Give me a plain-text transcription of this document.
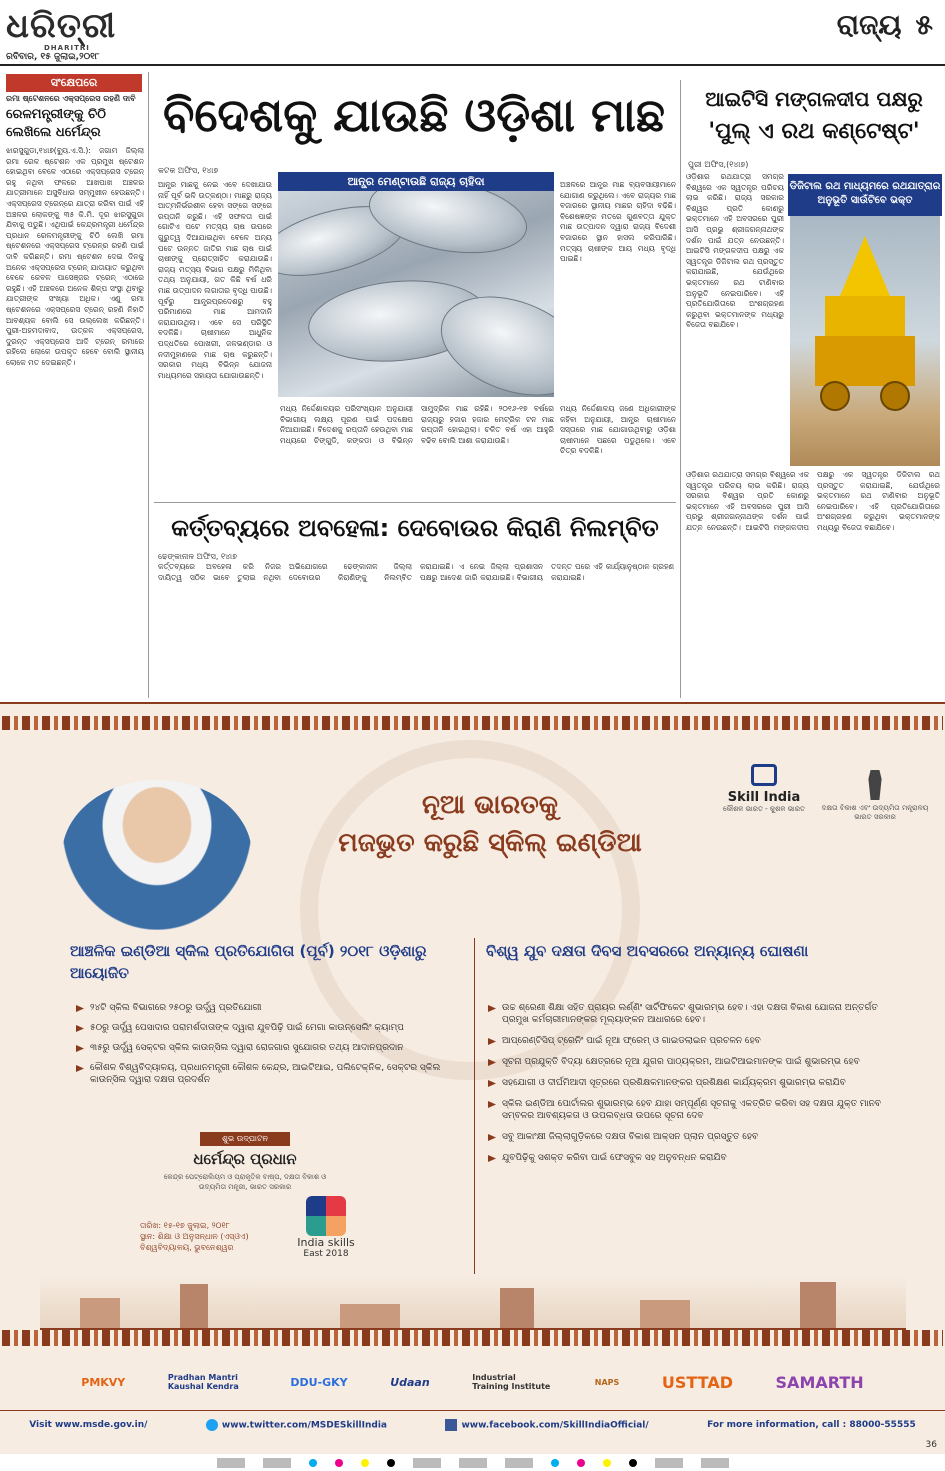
ଧରିତ୍ରୀ
DHARITRI
ରବିବାର, ୧୫ ଜୁଲାଇ,୨୦୧୮
ରାଜ୍ୟ ୫
ସଂକ୍ଷେପରେ
ରମା ଷ୍ଟେଶନରେ ଏକ୍ସପ୍ରେସ ରହଣି ଦାବି
ରେଳମନ୍ତ୍ରୀଙ୍କୁ ଚିଠି ଲେଖିଲେ ଧର୍ମେନ୍ଦ୍ର
ଝାରସୁଗୁଡା,୧୪ା୭(ବ୍ୟୁ.ଏ.ସି.): ଜଗାମ ଜିଲ୍ଲା ରମା ରେଳ ଷ୍ଟେଶନ ଏକ ପ୍ରମୁଖ ଷ୍ଟେଶନ ହୋଇଥିବା ବେଳେ ଏଠାରେ ଏକ୍ସପ୍ରେସ ଟ୍ରେନ୍ ରହୁ ନଥିବା ଫଳରେ ଆଖପାଖ ଅଞ୍ଚଳର ଯାତ୍ରୀମାନେ ଅସୁବିଧାର ସମ୍ମୁଖୀନ ହେଉଛନ୍ତି। ଏକ୍ସପ୍ରେସ ଟ୍ରେନ୍‌ରେ ଯାତ୍ରା କରିବା ପାଇଁ ଏହି ଅଞ୍ଚଳର ଲୋକଙ୍କୁ ୩୫ କି.ମି. ଦୂର ଝାରସୁଗୁଡା ଯିବାକୁ ପଡୁଛି। ଏଥିପାଇଁ କେନ୍ଦ୍ରମନ୍ତ୍ରୀ ଧର୍ମେନ୍ଦ୍ର ପ୍ରଧାନ ରେଳମନ୍ତ୍ରୀଙ୍କୁ ଚିଠି ଲେଖି ରମା ଷ୍ଟେଶନରେ ଏକ୍ସପ୍ରେସ ଟ୍ରେନ୍‌ର ରହଣି ପାଇଁ ଦାବି କରିଛନ୍ତି। ରମା ଷ୍ଟେଶନ ଦେଇ ଦିନକୁ ଅନେକ ଏକ୍ସପ୍ରେସ ଟ୍ରେନ୍ ଯାତାୟାତ କରୁଥିବା ବେଳେ କେବଳ ପାସେଞ୍ଜର ଟ୍ରେନ୍ ଏଠାରେ ରହୁଛି। ଏହି ଅଞ୍ଚଳରେ ଅନେକ ଶିଳ୍ପ ସଂସ୍ଥା ଥିବାରୁ ଯାତ୍ରୀଙ୍କ ସଂଖ୍ୟା ଅଧିକ। ଏଣୁ ରମା ଷ୍ଟେଶନରେ ଏକ୍ସପ୍ରେସ ଟ୍ରେନ୍ ରହଣି ନିହାତି ଆବଶ୍ୟକ ବୋଲି ସେ ଉଲ୍ଲେଖ କରିଛନ୍ତି। ପୁରୀ-ଅହମଦାବାଦ, ଉତ୍କଳ ଏକ୍ସପ୍ରେସ, ଦୁରନ୍ତ ଏକ୍ସପ୍ରେସ ଆଦି ଟ୍ରେନ୍ ରମାରେ ରହିଲେ ଲୋକେ ଉପକୃତ ହେବେ ବୋଲି ସ୍ଥାନୀୟ ଲୋକେ ମତ ଦେଇଛନ୍ତି।
ବିଦେଶକୁ ଯାଉଛି ଓଡ଼ିଶା ମାଛ
କଟକ ଅଫିସ, ୧୪ା୭
ଆନ୍ଧ୍ର ମେଣ୍ଟାଉଛି ରାଜ୍ୟ ଚାହିଦା
ଆନ୍ଧ୍ର ମାଛକୁ ନେଇ ଏବେ ଦେଖାଯାଉ ନାହିଁ ପୂର୍ବ ଭଳି ଉତ୍କଣ୍ଠା। ମାଛରୁ ରାଜ୍ୟ ଆତ୍ମନିର୍ଭରଶୀଳ ହେବା ସଙ୍ଗେ ସଙ୍ଗେ ରପ୍ତାନି କରୁଛି। ଏହି ସଫଳତା ପାଇଁ ଗୋଟିଏ ପଟେ ମତ୍ସ୍ୟ ଚାଷ ଉପରେ ଗୁରୁତ୍ୱ ଦିଆଯାଇଥିବା ବେଳେ ଅନ୍ୟ ପଟେ ଉନ୍ନତ ଜାତିର ମାଛ ଚାଷ ପାଇଁ ଚାଷୀଙ୍କୁ ପ୍ରୋତ୍ସାହିତ କରାଯାଉଛି। ରାଜ୍ୟ ମତ୍ସ୍ୟ ବିଭାଗ ପକ୍ଷରୁ ମିଳିଥିବା ତଥ୍ୟ ଅନୁଯାୟୀ, ଗତ କିଛି ବର୍ଷ ଧରି ମାଛ ଉତ୍ପାଦନ ଲଗାତାର ବୃଦ୍ଧି ପାଉଛି। ପୂର୍ବରୁ ଆନ୍ଧ୍ରପ୍ରଦେଶରୁ ବହୁ ପରିମାଣରେ ମାଛ ଆମଦାନି କରାଯାଉଥିଲା। ଏବେ ସେ ପରିସ୍ଥିତି ବଦଳିଛି। ଚାଷୀମାନେ ଆଧୁନିକ ପଦ୍ଧତିରେ ପୋଖରୀ, ଜଳଭଣ୍ଡାର ଓ ନଦୀମୁହାଣରେ ମାଛ ଚାଷ କରୁଛନ୍ତି। ସରକାର ମଧ୍ୟ ବିଭିନ୍ନ ଯୋଜନା ମାଧ୍ୟମରେ ସହାୟତା ଯୋଗାଉଛନ୍ତି।
ଅଞ୍ଚଳରେ ଆନ୍ଧ୍ର ମାଛ ବ୍ୟବସାୟୀମାନେ ଯୋଗାଣ କରୁଥିଲେ। ଏବେ ରାଜ୍ୟର ମାଛ ବଜାରରେ ସ୍ଥାନୀୟ ମାଛର ଚାହିଦା ବଢିଛି। ବିଶେଷଜ୍ଞଙ୍କ ମତରେ ଗୁଣବତ୍ତା ଯୁକ୍ତ ମାଛ ଉତ୍ପାଦନ ଦ୍ୱାରା ରାଜ୍ୟ ବିଦେଶୀ ବଜାରରେ ସ୍ଥାନ ହାସଲ କରିପାରିଛି। ମତ୍ସ୍ୟ ଚାଷୀଙ୍କ ଆୟ ମଧ୍ୟ ବୃଦ୍ଧି ପାଇଛି।
ମଧ୍ୟ ନିର୍ଦ୍ଦେଶାଳୟର ପରିସଂଖ୍ୟାନ ଅନୁଯାୟୀ ବିଭାଗୀୟ ଲକ୍ଷ୍ୟ ପୂରଣ ପାଇଁ ପଦକ୍ଷେପ ନିଆଯାଇଛି। ବିଦେଶକୁ ରପ୍ତାନି ହେଉଥିବା ମାଛ ମଧ୍ୟରେ ଚିଙ୍ଗୁଡି, କଙ୍କଡା ଓ ବିଭିନ୍ନ ସାମୁଦ୍ରିକ ମାଛ ରହିଛି। ୨୦୧୬-୧୭ ବର୍ଷରେ ରାଜ୍ୟରୁ ହଜାର ହଜାର ମେଟ୍ରିକ ଟନ ମାଛ ରପ୍ତାନି ହୋଇଥିଲା। ଚଳିତ ବର୍ଷ ଏହା ଆହୁରି ବଢିବ ବୋଲି ଆଶା କରାଯାଉଛି।
ମଧ୍ୟ ନିର୍ଦ୍ଦେଶାଳୟ ଜଣେ ଅଧିକାରୀଙ୍କ କହିବା ଅନୁଯାୟୀ, ଆନ୍ଧ୍ର ଚାଷୀମାନେ ସସ୍ତାରେ ମାଛ ଯୋଗାଉଥିବାରୁ ଓଡ଼ିଶା ଚାଷୀମାନେ ପଛରେ ପଡୁଥିଲେ। ଏବେ ଚିତ୍ର ବଦଳିଛି।
ଆଇଟିସି ମଙ୍ଗଳଦୀପ ପକ୍ଷରୁ
'ପୁଲ୍ ଏ ରଥ କଣ୍ଟେଷ୍ଟ'
ପୁରୀ ଅଫିସ,(୧୪ା୭)
ଡିଜିଟାଲ ରଥ ମାଧ୍ୟମରେ ରଥଯାତ୍ରାର ଅନୁଭୂତି ସାଉଁଟିବେ ଭକ୍ତ
ଓଡ଼ିଶାର ରଥଯାତ୍ରା ସମଗ୍ର ବିଶ୍ୱରେ ଏକ ସ୍ୱତନ୍ତ୍ର ପରିଚୟ ଲାଭ କରିଛି। ରାଜ୍ୟ ସରକାର ବିଶ୍ୱର ପ୍ରତି କୋଣରୁ ଭକ୍ତମାନେ ଏହି ଅବସରରେ ପୁରୀ ଆସି ପ୍ରଭୁ ଶ୍ରୀଜଗନ୍ନାଥଙ୍କ ଦର୍ଶନ ପାଇଁ ଯତ୍ନ ନେଉଛନ୍ତି। ଆଇଟିସି ମଙ୍ଗଳଦୀପ ପକ୍ଷରୁ ଏକ ସ୍ୱତନ୍ତ୍ର ଡିଜିଟାଲ ରଥ ପ୍ରସ୍ତୁତ କରାଯାଇଛି, ଯେଉଁଥିରେ ଭକ୍ତମାନେ ରଥ ଟାଣିବାର ଅନୁଭୂତି ନେଇପାରିବେ। ଏହି ପ୍ରତିଯୋଗିତାରେ ଅଂଶଗ୍ରହଣ କରୁଥିବା ଭକ୍ତମାନଙ୍କ ମଧ୍ୟରୁ ବିଜେତା ବଛାଯିବେ।
ଓଡ଼ିଶାର ରଥଯାତ୍ରା ସମଗ୍ର ବିଶ୍ୱରେ ଏକ ସ୍ୱତନ୍ତ୍ର ପରିଚୟ ଲାଭ କରିଛି। ରାଜ୍ୟ ସରକାର ବିଶ୍ୱର ପ୍ରତି କୋଣରୁ ଭକ୍ତମାନେ ଏହି ଅବସରରେ ପୁରୀ ଆସି ପ୍ରଭୁ ଶ୍ରୀଜଗନ୍ନାଥଙ୍କ ଦର୍ଶନ ପାଇଁ ଯତ୍ନ ନେଉଛନ୍ତି। ଆଇଟିସି ମଙ୍ଗଳଦୀପ ପକ୍ଷରୁ ଏକ ସ୍ୱତନ୍ତ୍ର ଡିଜିଟାଲ ରଥ ପ୍ରସ୍ତୁତ କରାଯାଇଛି, ଯେଉଁଥିରେ ଭକ୍ତମାନେ ରଥ ଟାଣିବାର ଅନୁଭୂତି ନେଇପାରିବେ। ଏହି ପ୍ରତିଯୋଗିତାରେ ଅଂଶଗ୍ରହଣ କରୁଥିବା ଭକ୍ତମାନଙ୍କ ମଧ୍ୟରୁ ବିଜେତା ବଛାଯିବେ।
କର୍ତ୍ତବ୍ୟରେ ଅବହେଳା: ଦେବୋଉର କିରାଣି ନିଲମ୍ବିତ
ଢେଙ୍କାନାଳ ଅଫିସ, ୧୪ା୭
କର୍ତ୍ତବ୍ୟରେ ଅବହେଳା କରି ନିଜର ଦାୟିତ୍ୱ ସଠିକ ଭାବେ ତୁଲାଇ ନଥିବା ଅଭିଯୋଗରେ ଢେଙ୍କାନାଳ ଜିଲ୍ଲା ଦେବୋଉର କିରାଣିଙ୍କୁ ନିଲମ୍ବିତ କରାଯାଇଛି। ଏ ନେଇ ଜିଲ୍ଲା ପ୍ରଶାସନ ପକ୍ଷରୁ ଆଦେଶ ଜାରି କରାଯାଇଛି। ବିଭାଗୀୟ ତଦନ୍ତ ପରେ ଏହି କାର୍ଯ୍ୟାନୁଷ୍ଠାନ ଗ୍ରହଣ କରାଯାଇଛି।
ନୂଆ ଭାରତକୁ
ମଜଭୁତ କରୁଛି ସ୍କିଲ୍ ଇଣ୍ଡିଆ
Skill India
କୌଶଳ ଭାରତ - କୁଶଳ ଭାରତ	ଦକ୍ଷତା ବିକାଶ ଏବଂ ଉଦ୍ୟମିତା ମନ୍ତ୍ରାଳୟ ଭାରତ ସରକାର
ଆଞ୍ଚଳିକ ଇଣ୍ଡିଆ ସ୍କିଲ ପ୍ରତିଯୋଗିତା (ପୂର୍ବ) ୨୦୧୮ ଓଡ଼ିଶାରୁ ଆୟୋଜିତ
୨୪ଟି ସ୍କିଲ ବିଭାଗରେ ୨୫୦ରୁ ଊର୍ଦ୍ଧ୍ୱ ପ୍ରତିଯୋଗୀ
୫୦ରୁ ଊର୍ଦ୍ଧ୍ୱ ପେସାଦାର ପରାମର୍ଶଦାତାଙ୍କ ଦ୍ୱାରା ଯୁବପିଢ଼ି ପାଇଁ ମେଗା କାଉନ୍‌ସେଲିଂ କ୍ୟାମ୍ପ
୩୫ରୁ ଊର୍ଦ୍ଧ୍ୱ ସେକ୍ଟର ସ୍କିଲ କାଉନ୍‌ସିଲ ଦ୍ୱାରା ରୋଜଗାର ସୁଯୋଗର ତଥ୍ୟ ଆଦାନପ୍ରଦାନ
କୌଶଳ ବିଶ୍ୱବିଦ୍ୟାଳୟ, ପ୍ରଧାନମନ୍ତ୍ରୀ କୌଶଳ କେନ୍ଦ୍ର, ଆଇଟିଆଇ, ପଲିଟେକ୍ନିକ, ସେକ୍ଟର ସ୍କିଲ କାଉନ୍‌ସିଲ ଦ୍ୱାରା ଦକ୍ଷତା ପ୍ରଦର୍ଶନ
ଶୁଭ ଉଦ୍‌ଘାଟନ
ଧର୍ମେନ୍ଦ୍ର ପ୍ରଧାନ
କେନ୍ଦ୍ର ପେଟ୍ରୋଲିୟମ ଓ ପ୍ରାକୃତିକ ବାଷ୍ପ, ଦକ୍ଷତା ବିକାଶ ଓ ଉଦ୍ୟମିତା ମନ୍ତ୍ରୀ, ଭାରତ ସରକାର
ତାରିଖ: ୧୫-୧୭ ଜୁଲାଇ, ୨୦୧୮
ସ୍ଥାନ: ଶିକ୍ଷା ଓ ଅନୁସନ୍ଧାନ (ଏସ୍‌ଓଏ) ବିଶ୍ୱବିଦ୍ୟାଳୟ, ଭୁବନେଶ୍ୱର	India skills
East 2018
ବିଶ୍ୱ ଯୁବ ଦକ୍ଷତା ଦିବସ ଅବସରରେ ଅନ୍ୟାନ୍ୟ ଘୋଷଣା
ଉଚ୍ଚ ଶ୍ରେଣୀ ଶିକ୍ଷା ସହିତ ପ୍ରାୟର ଲର୍ଣ୍ଣିଂ ସାର୍ଟିଫିକେଟ ଶୁଭାରମ୍ଭ ହେବ। ଏହା ଦକ୍ଷତା ବିକାଶ ଯୋଜନା ଅନ୍ତର୍ଗତ ପ୍ରମୁଖ କର୍ମଚାରୀମାନଙ୍କର ମୂଲ୍ୟାଙ୍କନ ଆଧାରରେ ହେବ।
ଆପ୍ରେଣ୍ଟିସିପ୍ ଟ୍ରେନିଂ ପାଇଁ ନୂଆ ଫ୍ରେମ୍ ଓ ଗାଇଡଲାଇନ ପ୍ରଚଳନ ହେବ
ସୂଚନା ପ୍ରଯୁକ୍ତି ବିଦ୍ୟା କ୍ଷେତ୍ରରେ ନୂଆ ଯୁଗର ପାଠ୍ୟକ୍ରମ, ଆଇଟିଆଇମାନଙ୍କ ପାଇଁ ଶୁଭାରମ୍ଭ ହେବ
ସହଯୋଗୀ ଓ ଦୀର୍ଘମିଆଦୀ ସୂତ୍ରରେ ପ୍ରଶିକ୍ଷକମାନଙ୍କର ପ୍ରଶିକ୍ଷଣ କାର୍ଯ୍ୟକ୍ରମ ଶୁଭାରମ୍ଭ କରାଯିବ
ସ୍କିଲ ଇଣ୍ଡିଆ ପୋର୍ଟାଲର ଶୁଭାରମ୍ଭ ହେବ ଯାହା ସମ୍ପୂର୍ଣ୍ଣ ସୂଚନାକୁ ଏକତ୍ରିତ କରିବା ସହ ଦକ୍ଷତା ଯୁକ୍ତ ମାନବ ସମ୍ବଳର ଆବଶ୍ୟକତା ଓ ଉପଲବ୍ଧତା ଉପରେ ସୂଚନା ଦେବ
ସବୁ ଆକାଂକ୍ଷୀ ଜିଲ୍ଲାଗୁଡ଼ିକରେ ଦକ୍ଷତା ବିକାଶ ଆକ୍ସନ ପ୍ଲାନ ପ୍ରସ୍ତୁତ ହେବ
ଯୁବପିଢ଼ିକୁ ସଶକ୍ତ କରିବା ପାଇଁ ଫେସବୁକ ସହ ଅନୁବନ୍ଧନ କରାଯିବ
PMKVY	Pradhan Mantri Kaushal Kendra	DDU-GKY	Udaan	Industrial Training Institute	NAPS	USTTAD	SAMARTH
Visit www.msde.gov.in/	www.twitter.com/MSDESkillIndia	www.facebook.com/SkillIndiaOfficial/	For more information, call : 88000-55555
36
